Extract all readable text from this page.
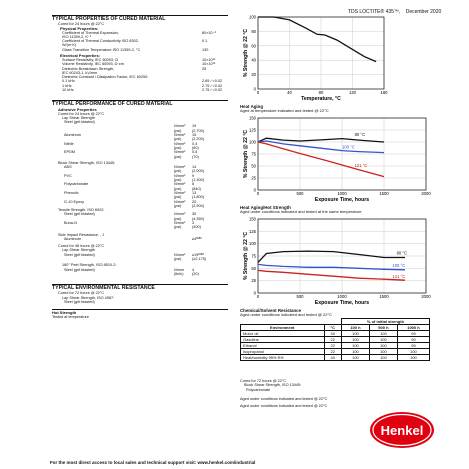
TDS LOCTITE® 435™, December 2020
TYPICAL PROPERTIES OF CURED MATERIAL
Cured for 24 hours @ 22°C
Physical Properties:
Coefficient of Thermal Expansion,	80×10⁻⁶
ISO 11359-2, K⁻¹
Coefficient of Thermal Conductivity ISO 8302,	0.1
W/(m·K)
Glass Transition Temperature ISO 11359-2, °C	130
Electrical Properties:
Surface Resistivity, IEC 60093, Ω	10×10¹⁵
Volume Resistivity, IEC 60093, Ω·cm	10×10¹⁵
Dielectric Breakdown Strength,	25
IEC 60243-1, kV/mm
Dielectric Constant / Dissipation Factor, IEC 60250:
0.1 kHz	2.65 / <0.02
1 kHz	2.75 / <0.02
10 kHz	2.75 / <0.02
TYPICAL PERFORMANCE OF CURED MATERIAL
Adhesive Properties
Cured for 24 hours @ 22°C
Lap Shear Strength
Steel (grit blasted)
N/mm² 19
(psi)	(2,700)
Aluminum	N/mm² 15
(psi)	(2,200)
Nitrile	N/mm² 0.4
(psi)	(60)
EPDM	N/mm² 0.5
(psi)	(70)
Block Shear Strength, ISO 13445:
ABS	N/mm² 14
(psi)	(2,000)
PVC	N/mm² 9
(psi)	(1,300)
Polycarbonate	N/mm² 6
(psi)	(840)
Phenolic	N/mm² 13
(psi)	(1,800)
G-10 Epoxy	N/mm² 20
(psi)	(2,900)
Tensile Strength, ISO 6922:
Steel (grit blasted)	N/mm² 30
(psi)	(4,350)
Buna-N	N/mm² 3
(psi)	(400)
Side Impact Resistance, , J
Aluminum	≥4ᴸᴹᴹ
Cured for 48 hours @ 22°C
Lap Shear Strength
Steel (grit blasted)	N/mm² ≥19ᴸᴹᴹ
(psi)	(≥2,175)
180° Peel Strength, ISO 8510-2:
Steel (grit blasted)	N/mm 4
(lb/in) (20)
TYPICAL ENVIRONMENTAL RESISTANCE
Cured for 72 hours @ 22°C
Lap Shear Strength, ISO 4587:
Steel (grit blasted)
Hot Strength
Tested at temperature
0
20
40
60
80
100
0	40	80	120	160
Temperature, °C
% Strength @ 22 °C
Heat Aging
Aged at temperature indicated and tested @ 22°C
0
25
50
75
100
125
150
0	500	1000	1500	2000
Exposure Time, hours
% Strength @ 22 °C	80 °C
100 °C
121 °C
Heat Aging/Hot Strength
Aged under conditions indicated and tested at the same temperature
0
25
50
75
100
125
150
0	500	1000	1500	2000
Exposure Time, hours
% Strength @ 22 °C	80 °C
100 °C
121 °C
Chemical/Solvent Resistance
Aged under conditions indicated and tested @ 22°C
		% of initial strength		
Environment	°C	100 h	500 h	1000 h
Motor oil	40	100	100	95
Gasoline	22	100	100	90
Ethanol	22	100	100	95
Isopropanol	22	100	100	100
Heat/humidity 95% RH	40	100	100	100
Cured for 72 hours @ 22°C
Block Shear Strength, ISO 13445:
Polycarbonate
Aged under conditions indicated and tested @ 22°C
Aged under conditions indicated and tested @ 22°C
Henkel
For the most direct access to local sales and technical support visit: www.henkel.com/industrial
